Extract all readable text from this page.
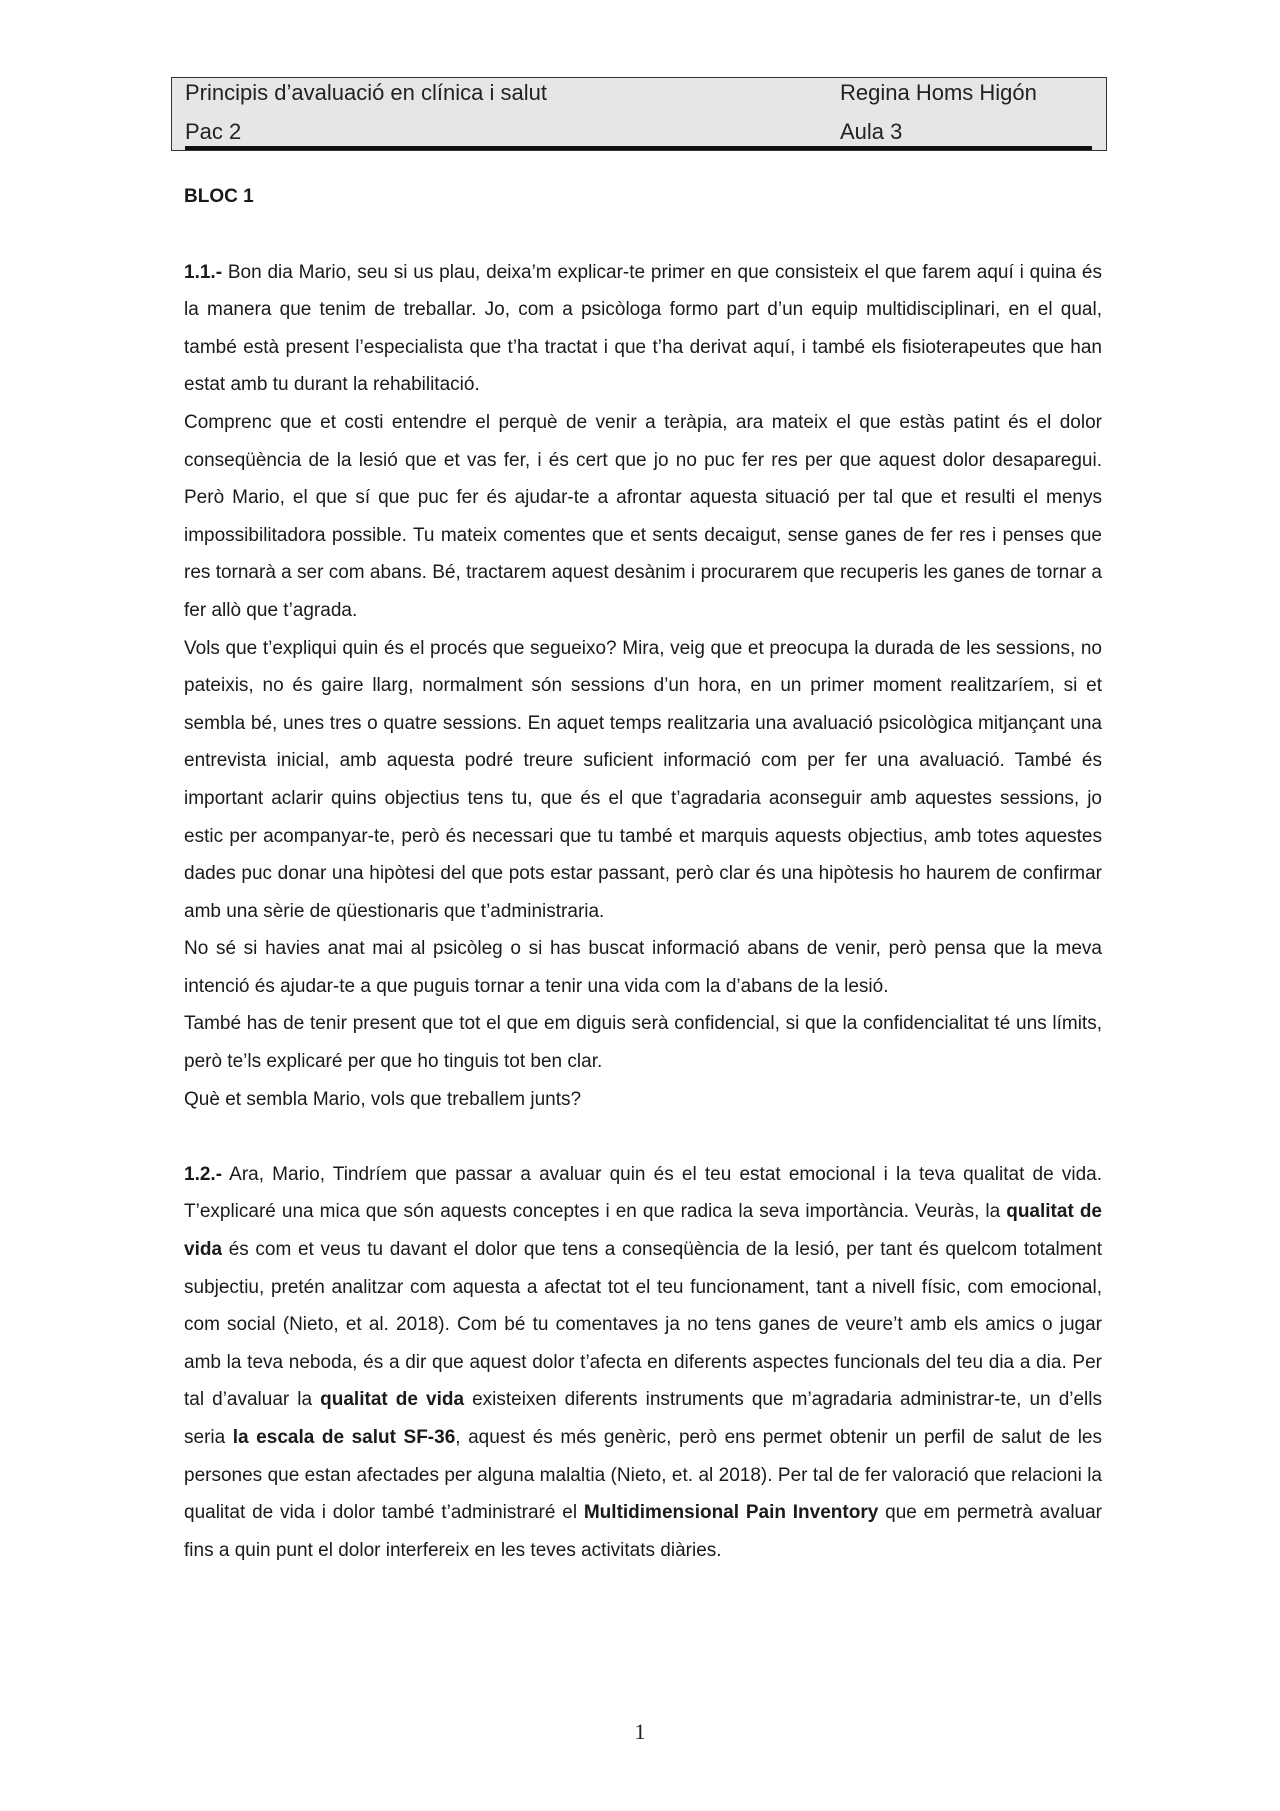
Principis d’avaluació en clínica i salut	Regina Homs Higón
Pac 2	Aula 3
BLOC 1

1.1.- Bon dia Mario, seu si us plau, deixa’m explicar-te primer en que consisteix el que farem aquí i quina és la manera que tenim de treballar. Jo, com a psicòloga formo part d’un equip multidisciplinari, en el qual, també està present l’especialista que t’ha tractat i que t’ha derivat aquí, i també els fisioterapeutes que han estat amb tu durant la rehabilitació.

Comprenc que et costi entendre el perquè de venir a teràpia, ara mateix el que estàs patint és el dolor conseqüència de la lesió que et vas fer, i és cert que jo no puc fer res per que aquest dolor desaparegui. Però Mario, el que sí que puc fer és ajudar-te a afrontar aquesta situació per tal que et resulti el menys impossibilitadora possible. Tu mateix comentes que et sents decaigut, sense ganes de fer res i penses que res tornarà a ser com abans. Bé, tractarem aquest desànim i procurarem que recuperis les ganes de tornar a fer allò que t’agrada.

Vols que t’expliqui quin és el procés que segueixo? Mira, veig que et preocupa la durada de les sessions, no pateixis, no és gaire llarg, normalment són sessions d’un hora, en un primer moment realitzaríem, si et sembla bé, unes tres o quatre sessions. En aquet temps realitzaria una avaluació psicològica mitjançant una entrevista inicial, amb aquesta podré treure suficient informació com per fer una avaluació. També és important aclarir quins objectius tens tu, que és el que t’agradaria aconseguir amb aquestes sessions, jo estic per acompanyar-te, però és necessari que tu també et marquis aquests objectius, amb totes aquestes dades puc donar una hipòtesi del que pots estar passant, però clar és una hipòtesis ho haurem de confirmar amb una sèrie de qüestionaris que t’administraria.

No sé si havies anat mai al psicòleg o si has buscat informació abans de venir, però pensa que la meva intenció és ajudar-te a que puguis tornar a tenir una vida com la d’abans de la lesió.

També has de tenir present que tot el que em diguis serà confidencial, si que la confidencialitat té uns límits, però te’ls explicaré per que ho tinguis tot ben clar.

Què et sembla Mario, vols que treballem junts?

1.2.- Ara, Mario, Tindríem que passar a avaluar quin és el teu estat emocional i la teva qualitat de vida. T’explicaré una mica que són aquests conceptes i en que radica la seva importància. Veuràs, la qualitat de vida és com et veus tu davant el dolor que tens a conseqüència de la lesió, per tant és quelcom totalment subjectiu, pretén analitzar com aquesta a afectat tot el teu funcionament, tant a nivell físic, com emocional, com social (Nieto, et al. 2018). Com bé tu comentaves ja no tens ganes de veure’t amb els amics o jugar amb la teva neboda, és a dir que aquest dolor t’afecta en diferents aspectes funcionals del teu dia a dia. Per tal d’avaluar la qualitat de vida existeixen diferents instruments que m’agradaria administrar-te, un d’ells seria la escala de salut SF-36, aquest és més genèric, però ens permet obtenir un perfil de salut de les persones que estan afectades per alguna malaltia (Nieto, et. al 2018). Per tal de fer valoració que relacioni la qualitat de vida i dolor també t’administraré el Multidimensional Pain Inventory que em permetrà avaluar fins a quin punt el dolor interfereix en les teves activitats diàries.

1
